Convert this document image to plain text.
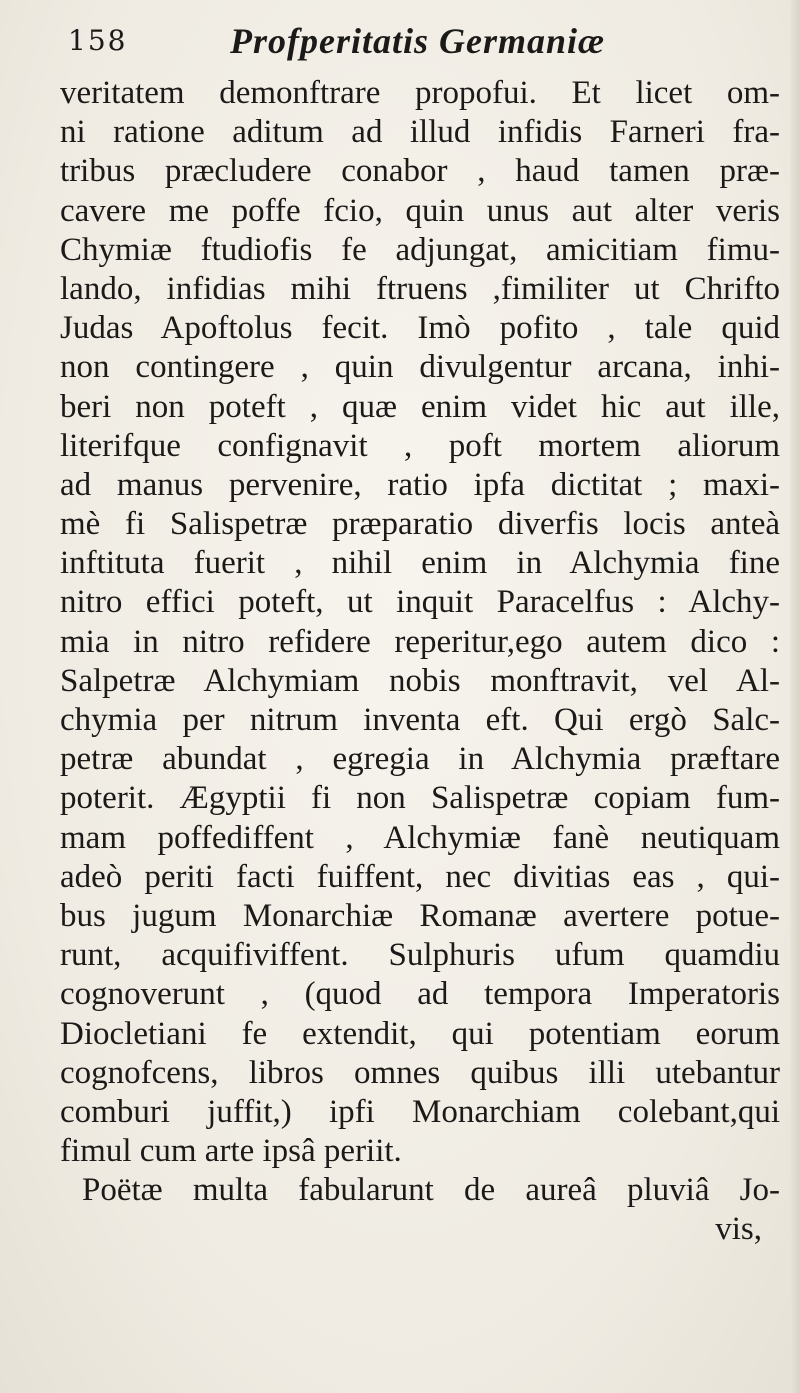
158	Profperitatis Germaniæ
veritatem demonftrare propofui. Et licet om-
ni ratione aditum ad illud infidis Farneri fra-
tribus præcludere conabor , haud tamen præ-
cavere me poffe fcio, quin unus aut alter veris
Chymiæ ftudiofis fe adjungat, amicitiam fimu-
lando, infidias mihi ftruens ,fimiliter ut Chrifto
Judas Apoftolus fecit. Imò pofito , tale quid
non contingere , quin divulgentur arcana, inhi-
beri non poteft , quæ enim videt hic aut ille,
literifque confignavit , poft mortem aliorum
ad manus pervenire, ratio ipfa dictitat ; maxi-
mè fi Salispetræ præparatio diverfis locis anteà
inftituta fuerit , nihil enim in Alchymia fine
nitro effici poteft, ut inquit Paracelfus : Alchy-
mia in nitro refidere reperitur,ego autem dico :
Salpetræ Alchymiam nobis monftravit, vel Al-
chymia per nitrum inventa eft. Qui ergò Salc-
petræ abundat , egregia in Alchymia præftare
poterit. Ægyptii fi non Salispetræ copiam fum-
mam poffediffent , Alchymiæ fanè neutiquam
adeò periti facti fuiffent, nec divitias eas , qui-
bus jugum Monarchiæ Romanæ avertere potue-
runt, acquifiviffent. Sulphuris ufum quamdiu
cognoverunt , (quod ad tempora Imperatoris
Diocletiani fe extendit, qui potentiam eorum
cognofcens, libros omnes quibus illi utebantur
comburi juffit,) ipfi Monarchiam colebant,qui
fimul cum arte ipsâ periit.
Poëtæ multa fabularunt de aureâ pluviâ Jo-
vis,
